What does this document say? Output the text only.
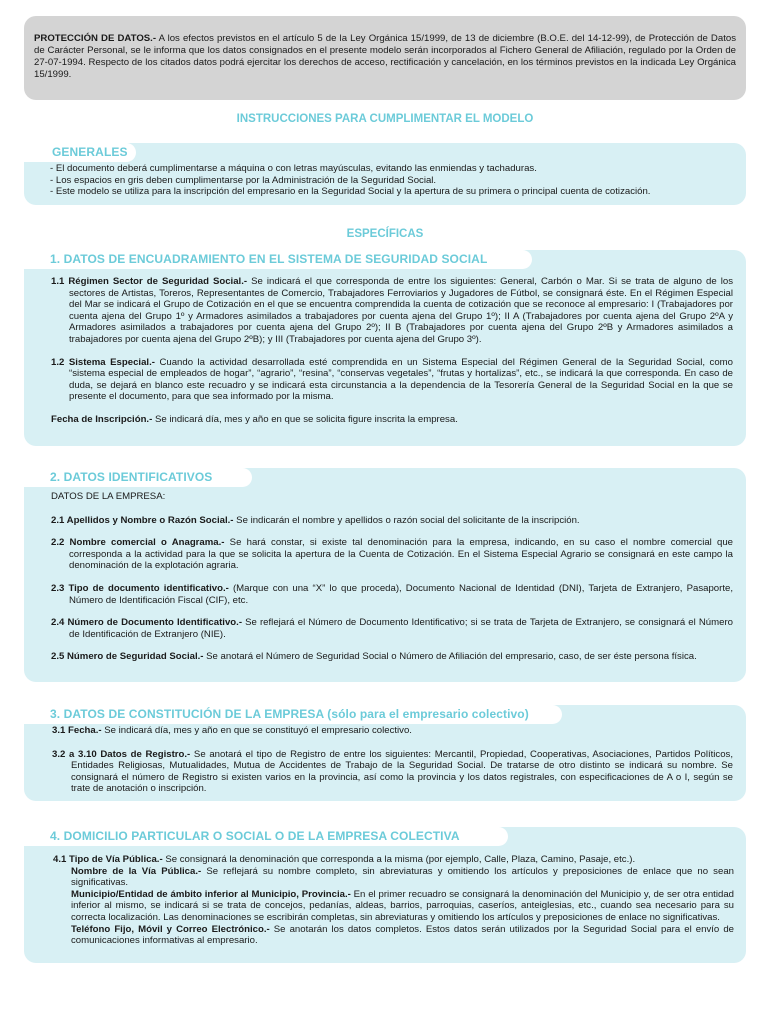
PROTECCIÓN DE DATOS.- A los efectos previstos en el artículo 5 de la Ley Orgánica 15/1999, de 13 de diciembre (B.O.E. del 14-12-99), de Protección de Datos de Carácter Personal, se le informa que los datos consignados en el presente modelo serán incorporados al Fichero General de Afiliación, regulado por la Orden de 27-07-1994. Respecto de los citados datos podrá ejercitar los derechos de acceso, rectificación y cancelación, en los términos previstos en la indicada Ley Orgánica 15/1999.
INSTRUCCIONES PARA CUMPLIMENTAR EL MODELO
GENERALES
- El documento deberá cumplimentarse a máquina o con letras mayúsculas, evitando las enmiendas y tachaduras.
- Los espacios en gris deben cumplimentarse por la Administración de la Seguridad Social.
- Este modelo se utiliza para la inscripción del empresario en la Seguridad Social y la apertura de su primera o principal cuenta de cotización.
ESPECÍFICAS
1. DATOS DE ENCUADRAMIENTO EN EL SISTEMA DE SEGURIDAD SOCIAL
1.1 Régimen Sector de Seguridad Social.- Se indicará el que corresponda de entre los siguientes: General, Carbón o Mar. Si se trata de alguno de los sectores de Artistas, Toreros, Representantes de Comercio, Trabajadores Ferroviarios y Jugadores de Fútbol, se consignará éste. En el Régimen Especial del Mar se indicará el Grupo de Cotización en el que se encuentra comprendida la cuenta de cotización que se reconoce al empresario: I (Trabajadores por cuenta ajena del Grupo 1º y Armadores asimilados a trabajadores por cuenta ajena del Grupo 1º); II A (Trabajadores por cuenta ajena del Grupo 2ºA y Armadores asimilados a trabajadores por cuenta ajena del Grupo 2º); II B (Trabajadores por cuenta ajena del Grupo 2ºB y Armadores asimilados a trabajadores por cuenta ajena del Grupo 2ºB); y III (Trabajadores por cuenta ajena del Grupo 3º).
1.2 Sistema Especial.- Cuando la actividad desarrollada esté comprendida en un Sistema Especial del Régimen General de la Seguridad Social, como “sistema especial de empleados de hogar”, “agrario”, “resina”, “conservas vegetales”, “frutas y hortalizas”, etc., se indicará la que corresponda. En caso de duda, se dejará en blanco este recuadro y se indicará esta circunstancia a la dependencia de la Tesorería General de la Seguridad Social en la que se presente el documento, para que sea informado por la misma.
Fecha de Inscripción.- Se indicará día, mes y año en que se solicita figure inscrita la empresa.
2. DATOS IDENTIFICATIVOS
DATOS DE LA EMPRESA:
2.1 Apellidos y Nombre o Razón Social.- Se indicarán el nombre y apellidos o razón social del solicitante de la inscripción.
2.2 Nombre comercial o Anagrama.- Se hará constar, si existe tal denominación para la empresa, indicando, en su caso el nombre comercial que corresponda a la actividad para la que se solicita la apertura de la Cuenta de Cotización. En el Sistema Especial Agrario se consignará en este campo la denominación de la explotación agraria.
2.3 Tipo de documento identificativo.- (Marque con una “X” lo que proceda), Documento Nacional de Identidad (DNI), Tarjeta de Extranjero, Pasaporte, Número de Identificación Fiscal (CIF), etc.
2.4 Número de Documento Identificativo.- Se reflejará el Número de Documento Identificativo; si se trata de Tarjeta de Extranjero, se consignará el Número de Identificación de Extranjero (NIE).
2.5 Número de Seguridad Social.- Se anotará el Número de Seguridad Social o Número de Afiliación del empresario, caso, de ser éste persona física.
3. DATOS DE CONSTITUCIÓN DE LA EMPRESA (sólo para el empresario colectivo)
3.1 Fecha.- Se indicará día, mes y año en que se constituyó el empresario colectivo.
3.2 a 3.10 Datos de Registro.- Se anotará el tipo de Registro de entre los siguientes: Mercantil, Propiedad, Cooperativas, Asociaciones, Partidos Políticos, Entidades Religiosas, Mutualidades, Mutua de Accidentes de Trabajo de la Seguridad Social. De tratarse de otro distinto se indicará su nombre. Se consignará el número de Registro si existen varios en la provincia, así como la provincia y los datos registrales, con especificaciones de A o I, según se trate de anotación o inscripción.
4. DOMICILIO PARTICULAR O SOCIAL O DE LA EMPRESA COLECTIVA
4.1 Tipo de Vía Pública.- Se consignará la denominación que corresponda a la misma (por ejemplo, Calle, Plaza, Camino, Pasaje, etc.).
Nombre de la Vía Pública.- Se reflejará su nombre completo, sin abreviaturas y omitiendo los artículos y preposiciones de enlace que no sean significativas.
Municipio/Entidad de ámbito inferior al Municipio, Provincia.- En el primer recuadro se consignará la denominación del Municipio y, de ser otra entidad inferior al mismo, se indicará si se trata de concejos, pedanías, aldeas, barrios, parroquias, caseríos, anteiglesias, etc., cuando sea necesario para su correcta localización. Las denominaciones se escribirán completas, sin abreviaturas y omitiendo los artículos y preposiciones de enlace no significativas.
Teléfono Fijo, Móvil y Correo Electrónico.- Se anotarán los datos completos. Estos datos serán utilizados por la Seguridad Social para el envío de comunicaciones informativas al empresario.
